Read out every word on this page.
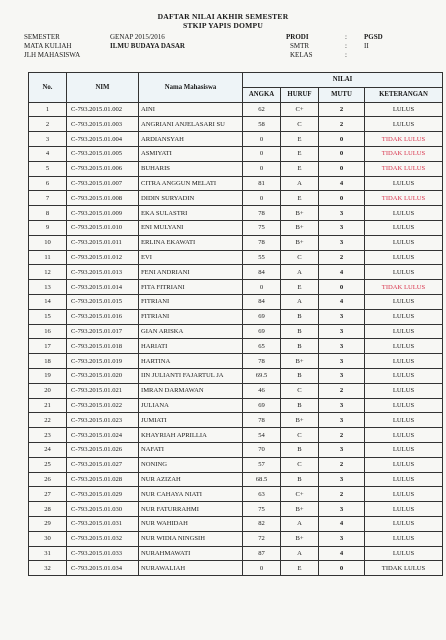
DAFTAR NILAI AKHIR SEMESTER
STKIP YAPIS DOMPU
SEMESTER	GENAP 2015/2016
MATA KULIAH	ILMU BUDAYA DASAR
JLH MAHASISWA
PRODI	: PGSD
SMTR	: II
KELAS	:
No.	NIM	Nama Mahasiswa	NILAI			
			ANGKA	HURUF	MUTU	KETERANGAN
1	C-793.2015.01.002	AINI	62	C+	2	LULUS
2	C-793.2015.01.003	ANGRIANI ANJELASARI SU	58	C	2	LULUS
3	C-793.2015.01.004	ARDIANSYAH	0	E	0	TIDAK LULUS
4	C-793.2015.01.005	ASMIYATI	0	E	0	TIDAK LULUS
5	C-793.2015.01.006	BUHARIS	0	E	0	TIDAK LULUS
6	C-793.2015.01.007	CITRA ANGGUN MELATI	81	A	4	LULUS
7	C-793.2015.01.008	DIDIN SURYADIN	0	E	0	TIDAK LULUS
8	C-793.2015.01.009	EKA SULASTRI	78	B+	3	LULUS
9	C-793.2015.01.010	ENI MULYANI	75	B+	3	LULUS
10	C-793.2015.01.011	ERLINA EKAWATI	78	B+	3	LULUS
11	C-793.2015.01.012	EVI	55	C	2	LULUS
12	C-793.2015.01.013	FENI ANDRIANI	84	A	4	LULUS
13	C-793.2015.01.014	FITA FITRIANI	0	E	0	TIDAK LULUS
14	C-793.2015.01.015	FITRIANI	84	A	4	LULUS
15	C-793.2015.01.016	FITRIANI	69	B	3	LULUS
16	C-793.2015.01.017	GIAN ARISKA	69	B	3	LULUS
17	C-793.2015.01.018	HARIATI	65	B	3	LULUS
18	C-793.2015.01.019	HARTINA	78	B+	3	LULUS
19	C-793.2015.01.020	IIN JULIANTI FAJARTUL JA	69.5	B	3	LULUS
20	C-793.2015.01.021	IMRAN DARMAWAN	46	C	2	LULUS
21	C-793.2015.01.022	JULIANA	69	B	3	LULUS
22	C-793.2015.01.023	JUMIATI	78	B+	3	LULUS
23	C-793.2015.01.024	KHAYRIAH APRILLIA	54	C	2	LULUS
24	C-793.2015.01.026	NAFATI	70	B	3	LULUS
25	C-793.2015.01.027	NONING	57	C	2	LULUS
26	C-793.2015.01.028	NUR AZIZAH	68.5	B	3	LULUS
27	C-793.2015.01.029	NUR CAHAYA NIATI	63	C+	2	LULUS
28	C-793.2015.01.030	NUR FATURRAHMI	75	B+	3	LULUS
29	C-793.2015.01.031	NUR WAHIDAH	82	A	4	LULUS
30	C-793.2015.01.032	NUR WIDIA NINGSIH	72	B+	3	LULUS
31	C-793.2015.01.033	NURAHMAWATI	87	A	4	LULUS
32	C-793.2015.01.034	NURAWALIAH	0	E	0	TIDAK LULUS
